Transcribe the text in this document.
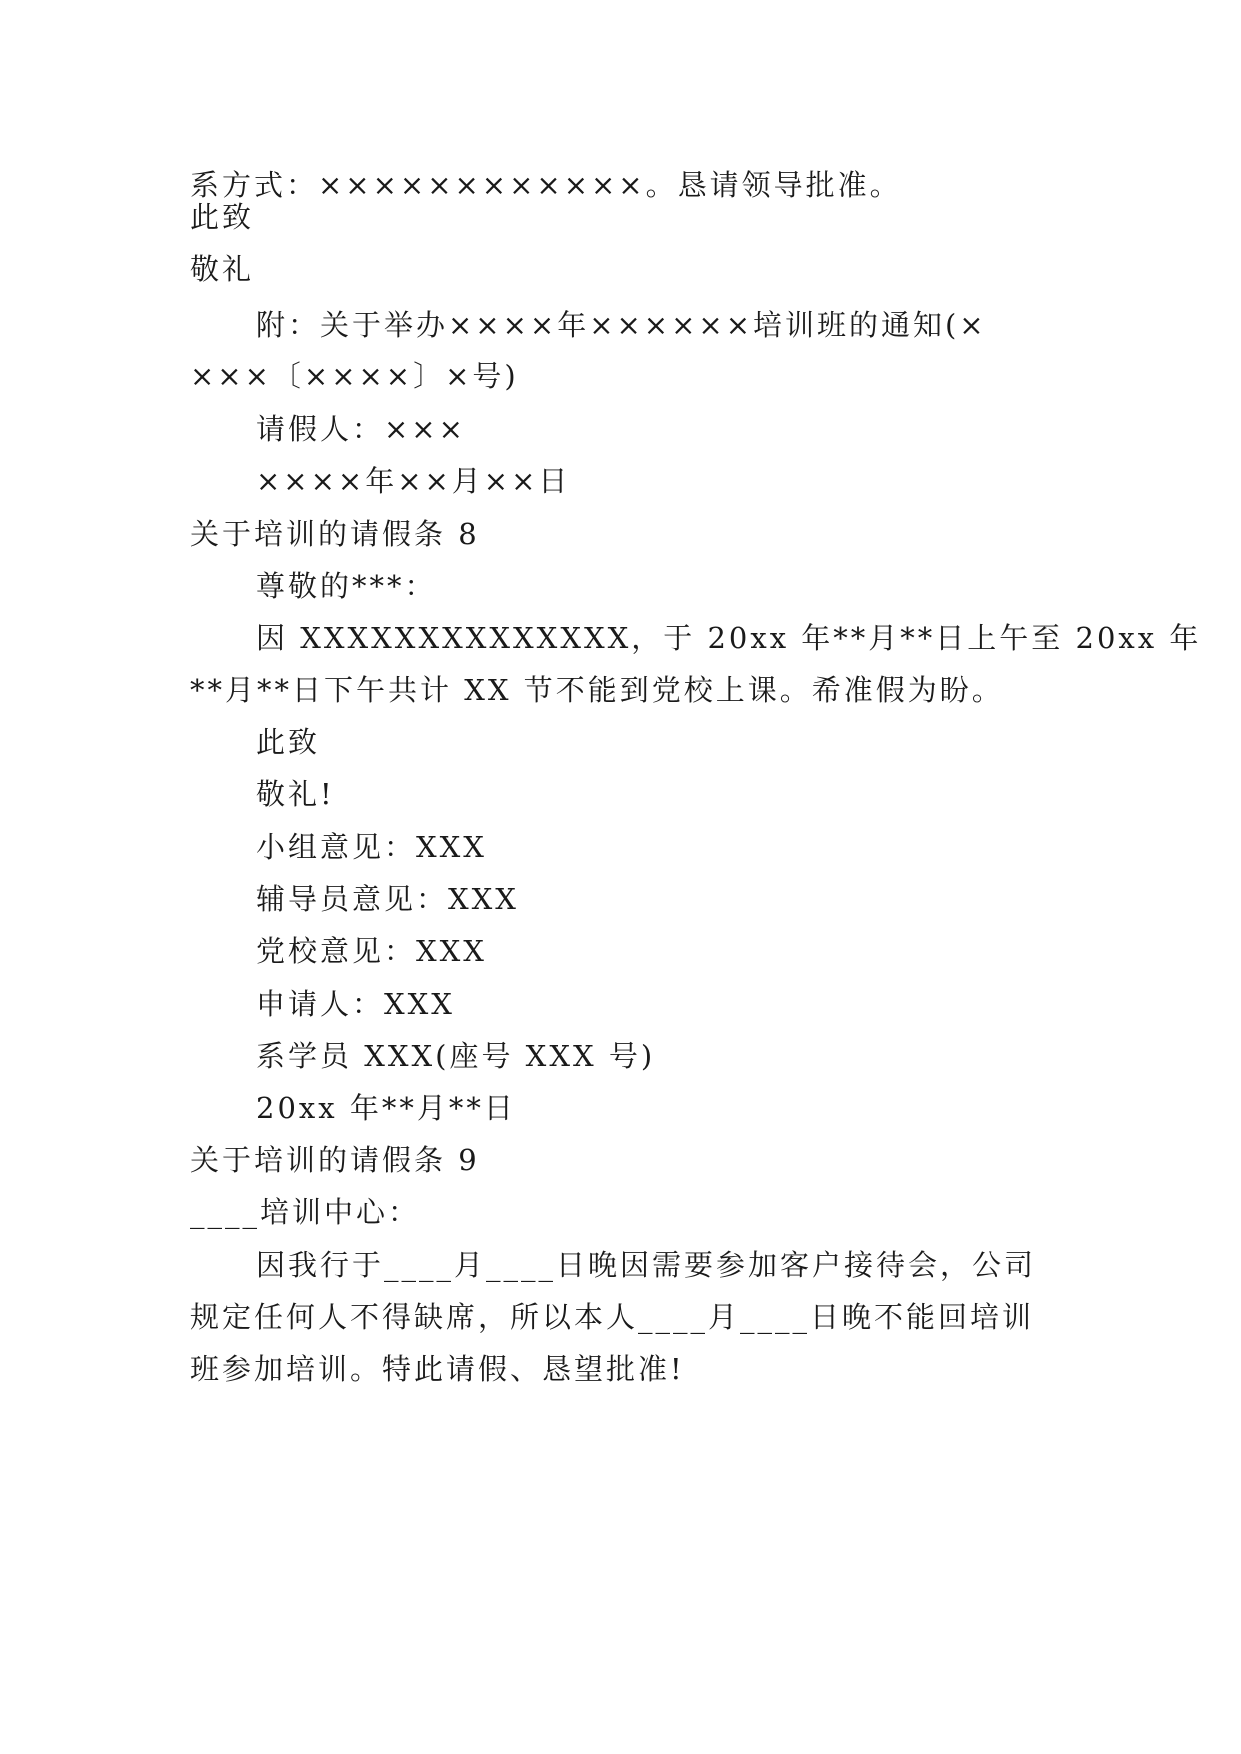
系方式：××××××××××××。恳请领导批准。
此致
敬礼
附：关于举办××××年××××××培训班的通知(×
×××〔××××〕×号)
请假人：×××
××××年××月××日
关于培训的请假条 8
尊敬的***：
因 XXXXXXXXXXXXXX，于 20xx 年**月**日上午至 20xx 年
**月**日下午共计 XX 节不能到党校上课。希准假为盼。
此致
敬礼!
小组意见：XXX
辅导员意见：XXX
党校意见：XXX
申请人：XXX
系学员 XXX(座号 XXX 号)
20xx 年**月**日
关于培训的请假条 9
____培训中心：
因我行于____月____日晚因需要参加客户接待会，公司
规定任何人不得缺席，所以本人____月____日晚不能回培训
班参加培训。特此请假、恳望批准!
